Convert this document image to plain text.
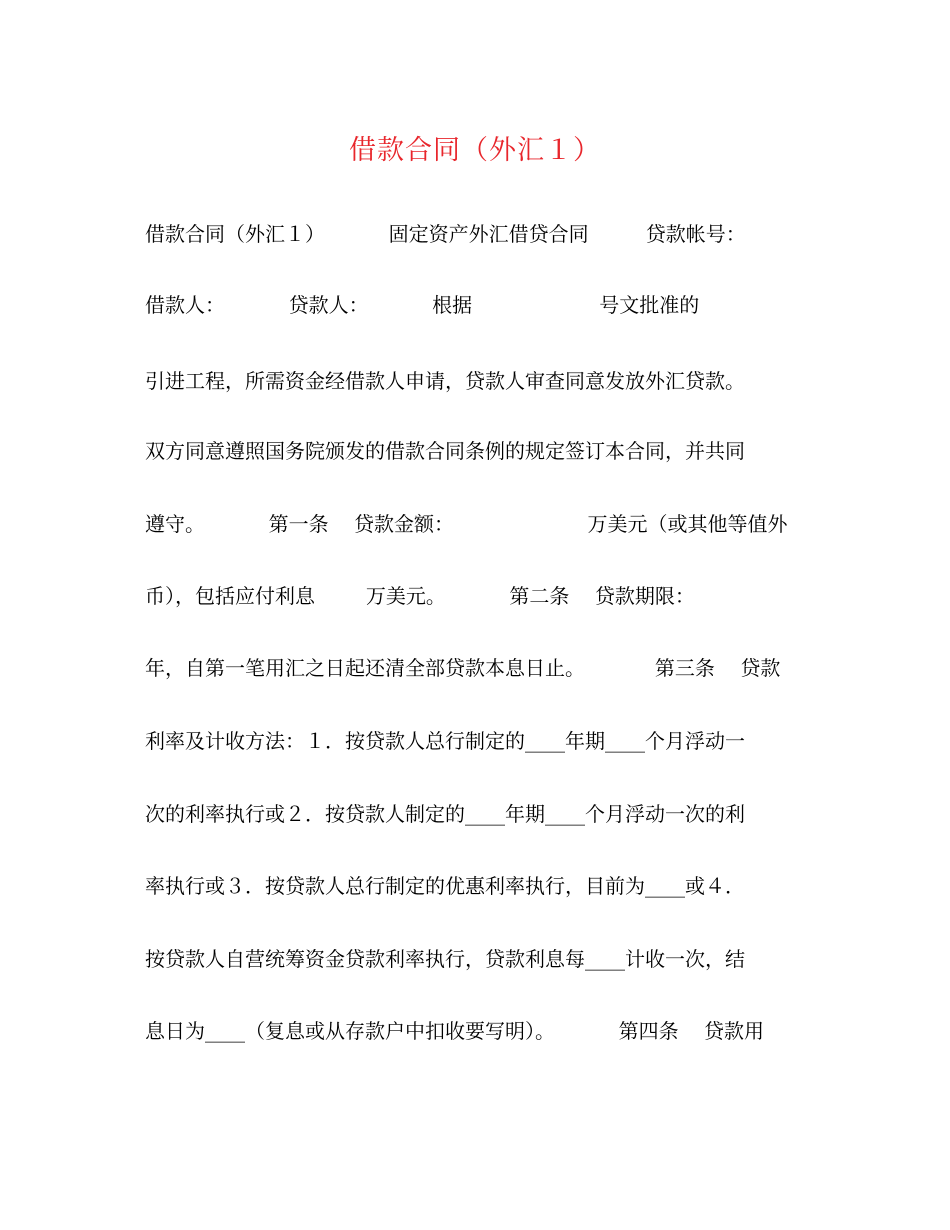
借款合同（外汇１）
借款合同（外汇１）          固定资产外汇借贷合同         贷款帐号：
借款人：          贷款人：          根据                    号文批准的
引进工程，所需资金经借款人申请，贷款人审查同意发放外汇贷款。
双方同意遵照国务院颁发的借款合同条例的规定签订本合同，并共同
遵守。          第一条    贷款金额：                     万美元（或其他等值外
币），包括应付利息        万美元。          第二条    贷款期限：
年，自第一笔用汇之日起还清全部贷款本息日止。           第三条    贷款
利率及计收方法：１．按贷款人总行制定的____年期____个月浮动一
次的利率执行或２．按贷款人制定的____年期____个月浮动一次的利
率执行或３．按贷款人总行制定的优惠利率执行，目前为____或４．
按贷款人自营统筹资金贷款利率执行，贷款利息每____计收一次，结
息日为____（复息或从存款户中扣收要写明）。          第四条    贷款用
